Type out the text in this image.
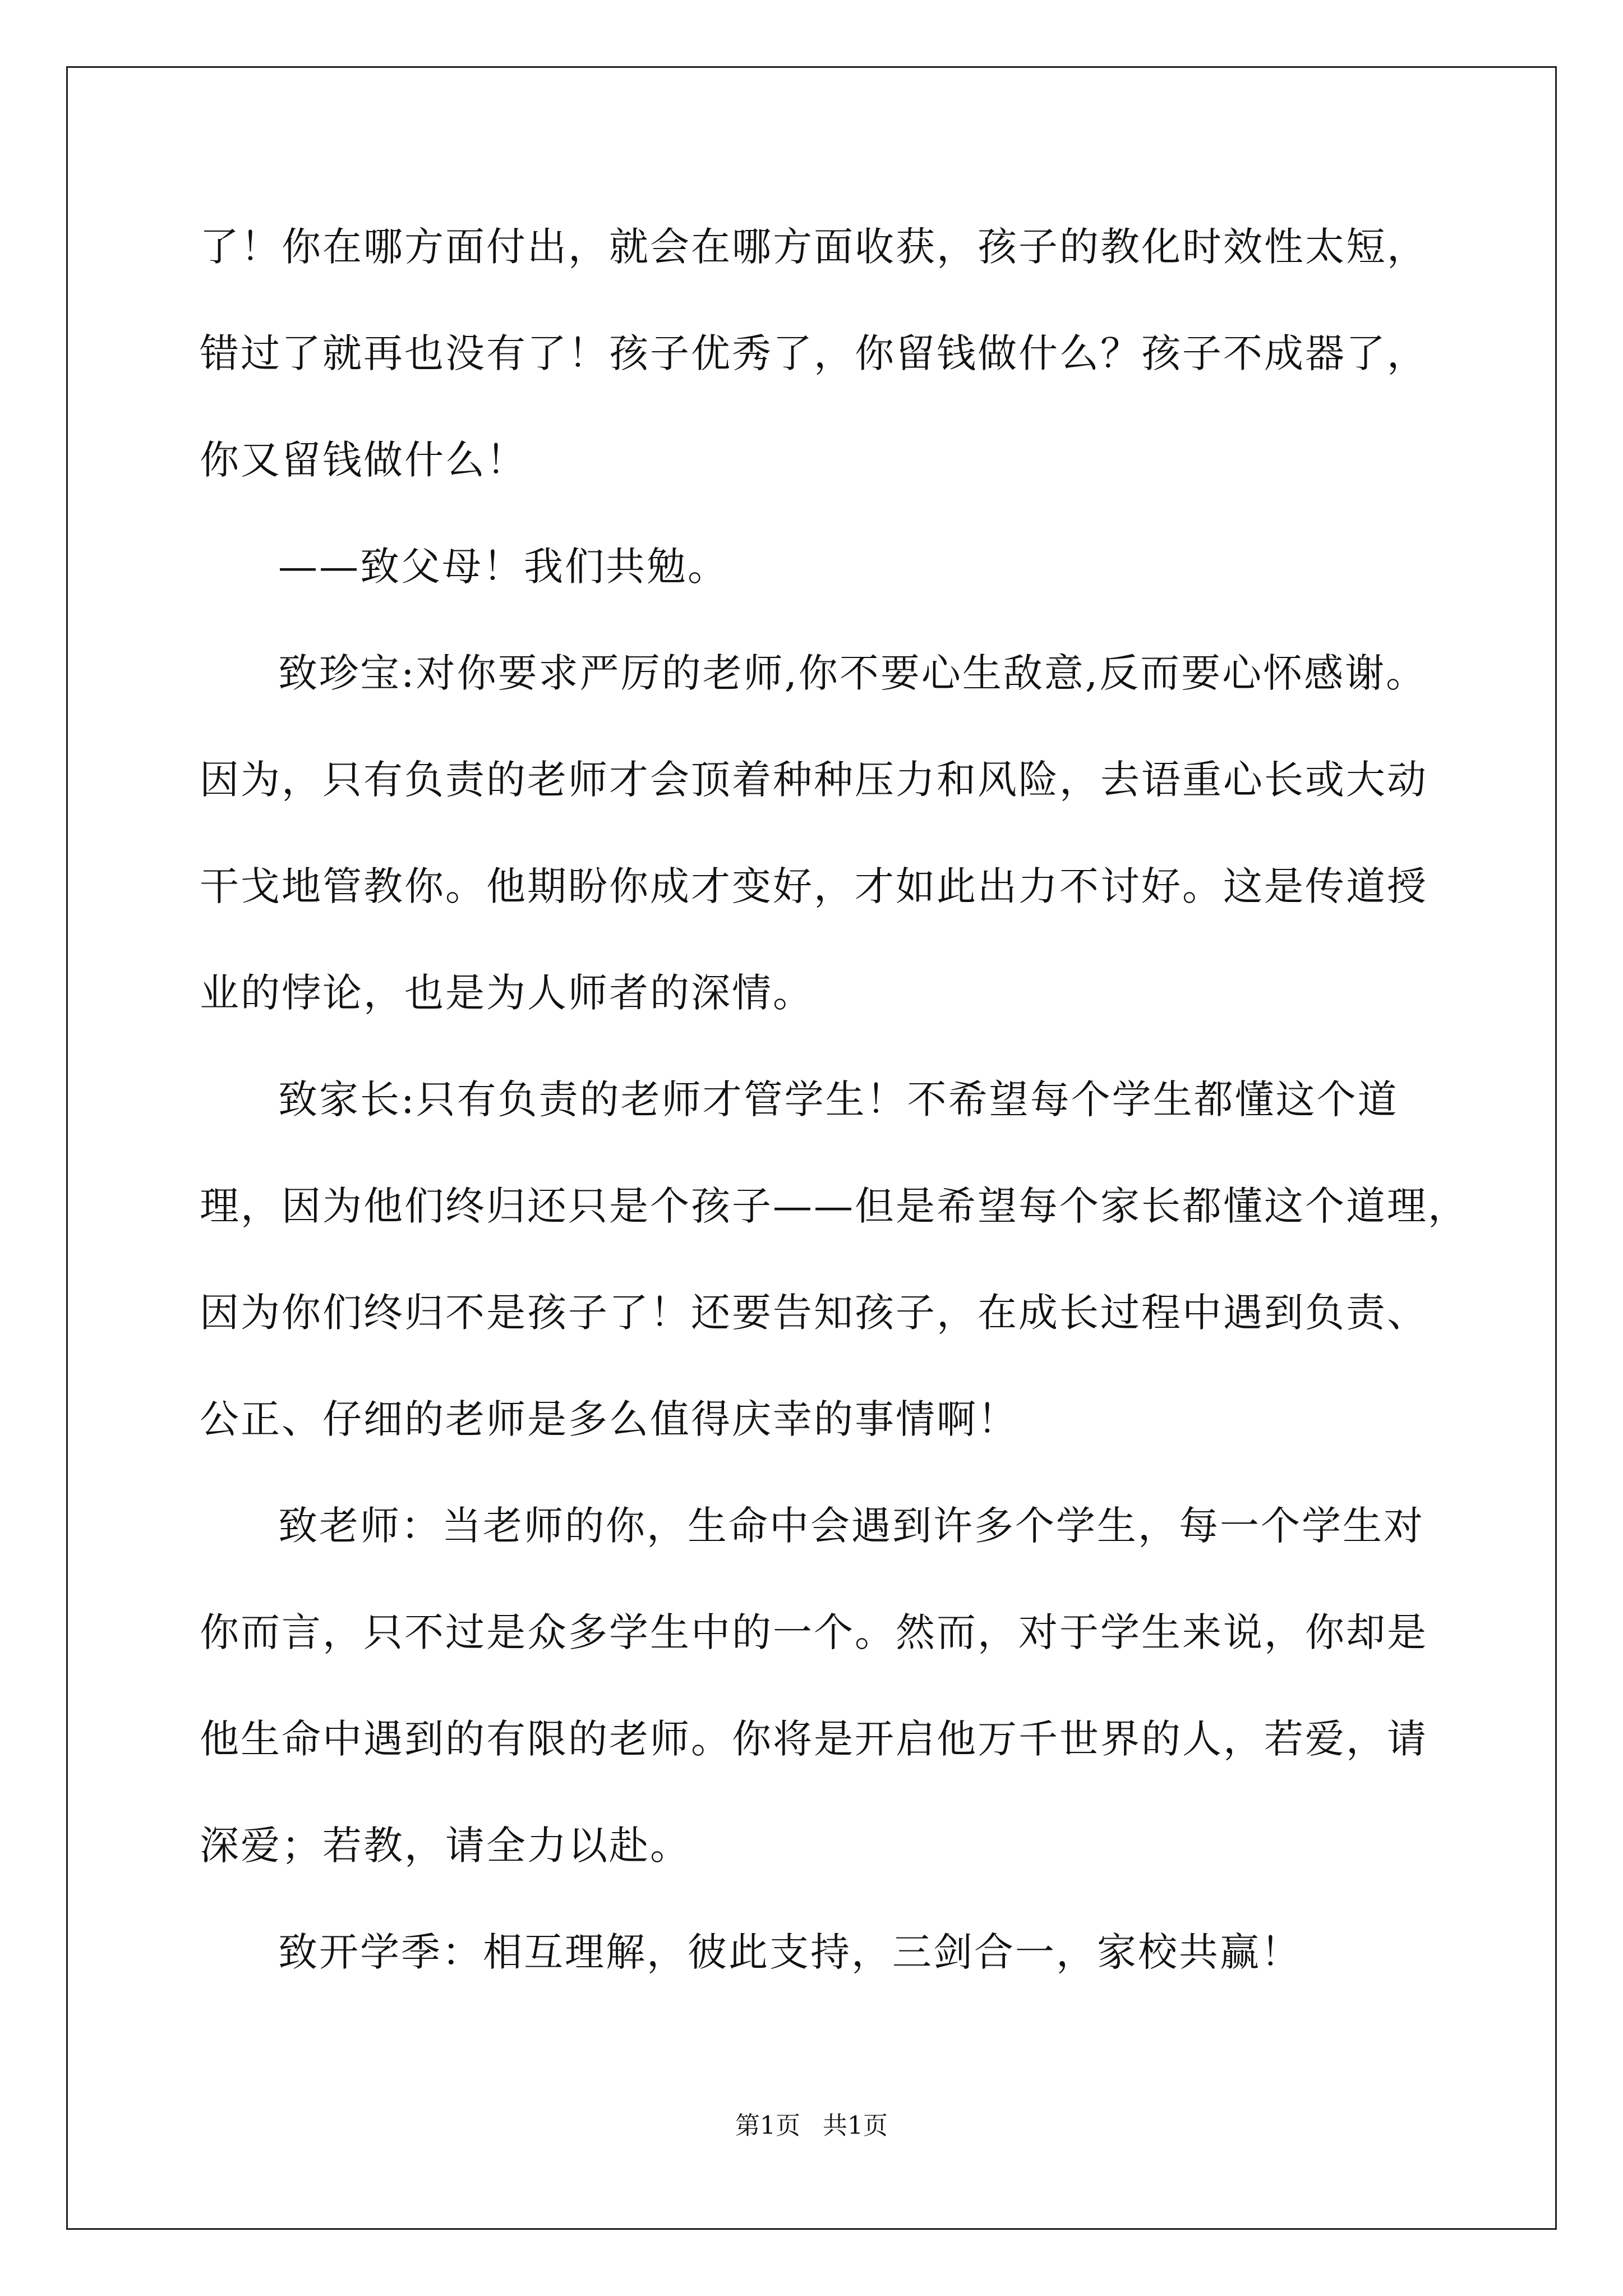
了！你在哪方面付出，就会在哪方面收获，孩子的教化时效性太短，
错过了就再也没有了！孩子优秀了，你留钱做什么？孩子不成器了，
你又留钱做什么！
——致父母！我们共勉。
致珍宝:对你要求严厉的老师,你不要心生敌意,反而要心怀感谢。
因为，只有负责的老师才会顶着种种压力和风险，去语重心长或大动
干戈地管教你。他期盼你成才变好，才如此出力不讨好。这是传道授
业的悖论，也是为人师者的深情。
致家长:只有负责的老师才管学生！不希望每个学生都懂这个道
理，因为他们终归还只是个孩子——但是希望每个家长都懂这个道理，
因为你们终归不是孩子了！还要告知孩子，在成长过程中遇到负责、
公正、仔细的老师是多么值得庆幸的事情啊！
致老师：当老师的你，生命中会遇到许多个学生，每一个学生对
你而言，只不过是众多学生中的一个。然而，对于学生来说，你却是
他生命中遇到的有限的老师。你将是开启他万千世界的人，若爱，请
深爱；若教，请全力以赴。
致开学季：相互理解，彼此支持，三剑合一，家校共赢！
第1页 共1页
